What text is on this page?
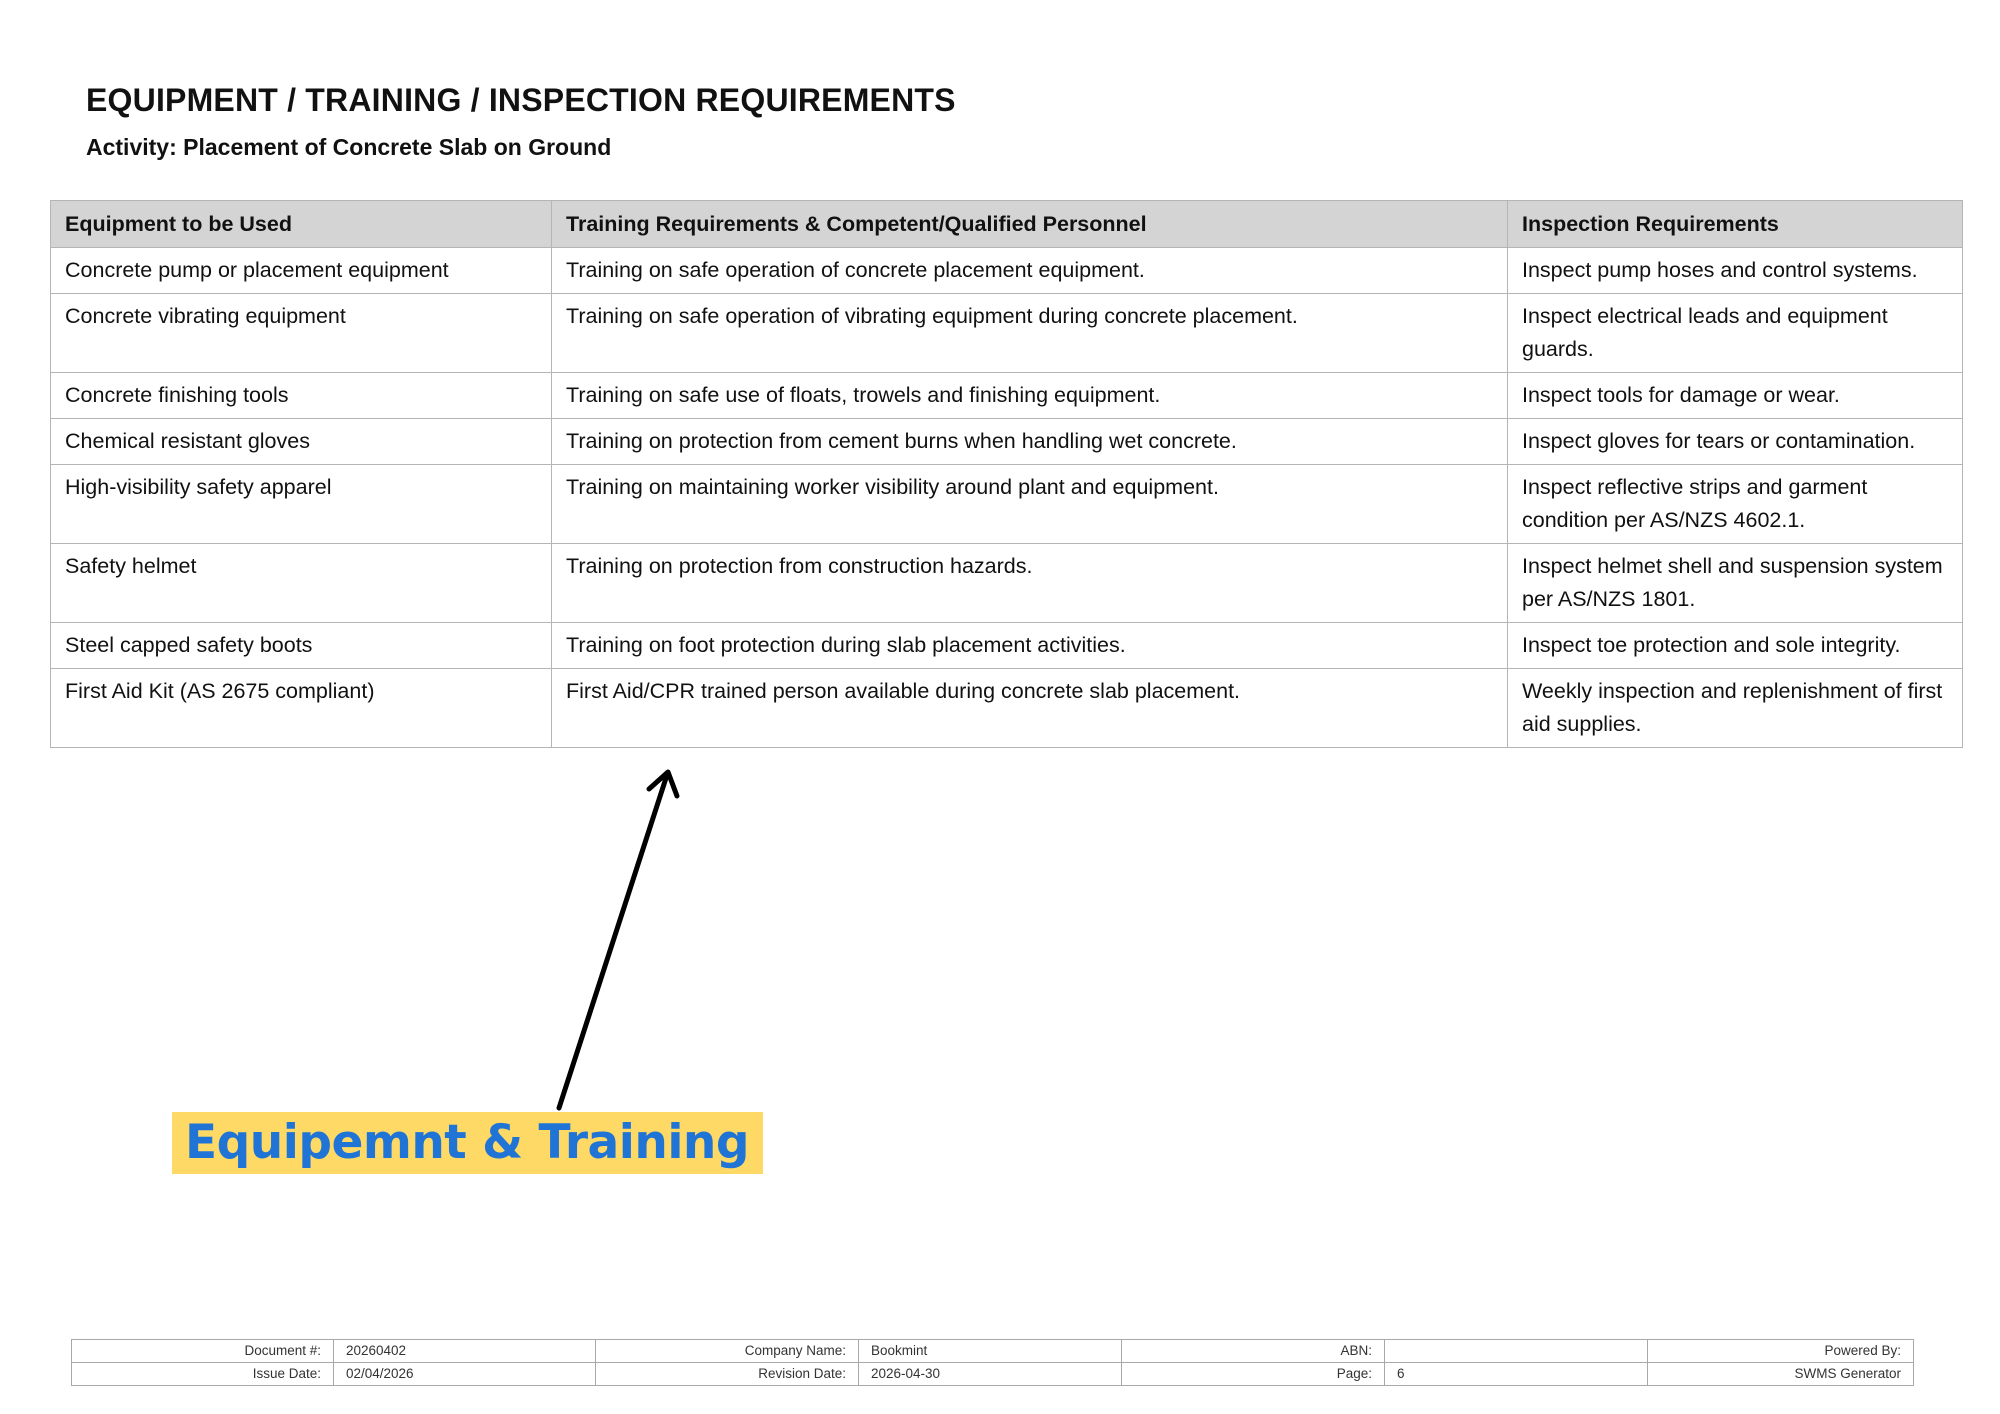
EQUIPMENT / TRAINING / INSPECTION REQUIREMENTS
Activity: Placement of Concrete Slab on Ground
Equipment to be Used	Training Requirements & Competent/Qualified Personnel	Inspection Requirements
Concrete pump or placement equipment	Training on safe operation of concrete placement equipment.	Inspect pump hoses and control systems.
Concrete vibrating equipment	Training on safe operation of vibrating equipment during concrete placement.	Inspect electrical leads and equipment guards.
Concrete finishing tools	Training on safe use of floats, trowels and finishing equipment.	Inspect tools for damage or wear.
Chemical resistant gloves	Training on protection from cement burns when handling wet concrete.	Inspect gloves for tears or contamination.
High-visibility safety apparel	Training on maintaining worker visibility around plant and equipment.	Inspect reflective strips and garment condition per AS/NZS 4602.1.
Safety helmet	Training on protection from construction hazards.	Inspect helmet shell and suspension system per AS/NZS 1801.
Steel capped safety boots	Training on foot protection during slab placement activities.	Inspect toe protection and sole integrity.
First Aid Kit (AS 2675 compliant)	First Aid/CPR trained person available during concrete slab placement.	Weekly inspection and replenishment of first aid supplies.
Equipemnt & Training
Document #:	20260402	Company Name:	Bookmint	ABN:		Powered By:
Issue Date:	02/04/2026	Revision Date:	2026-04-30	Page:	6	SWMS Generator
